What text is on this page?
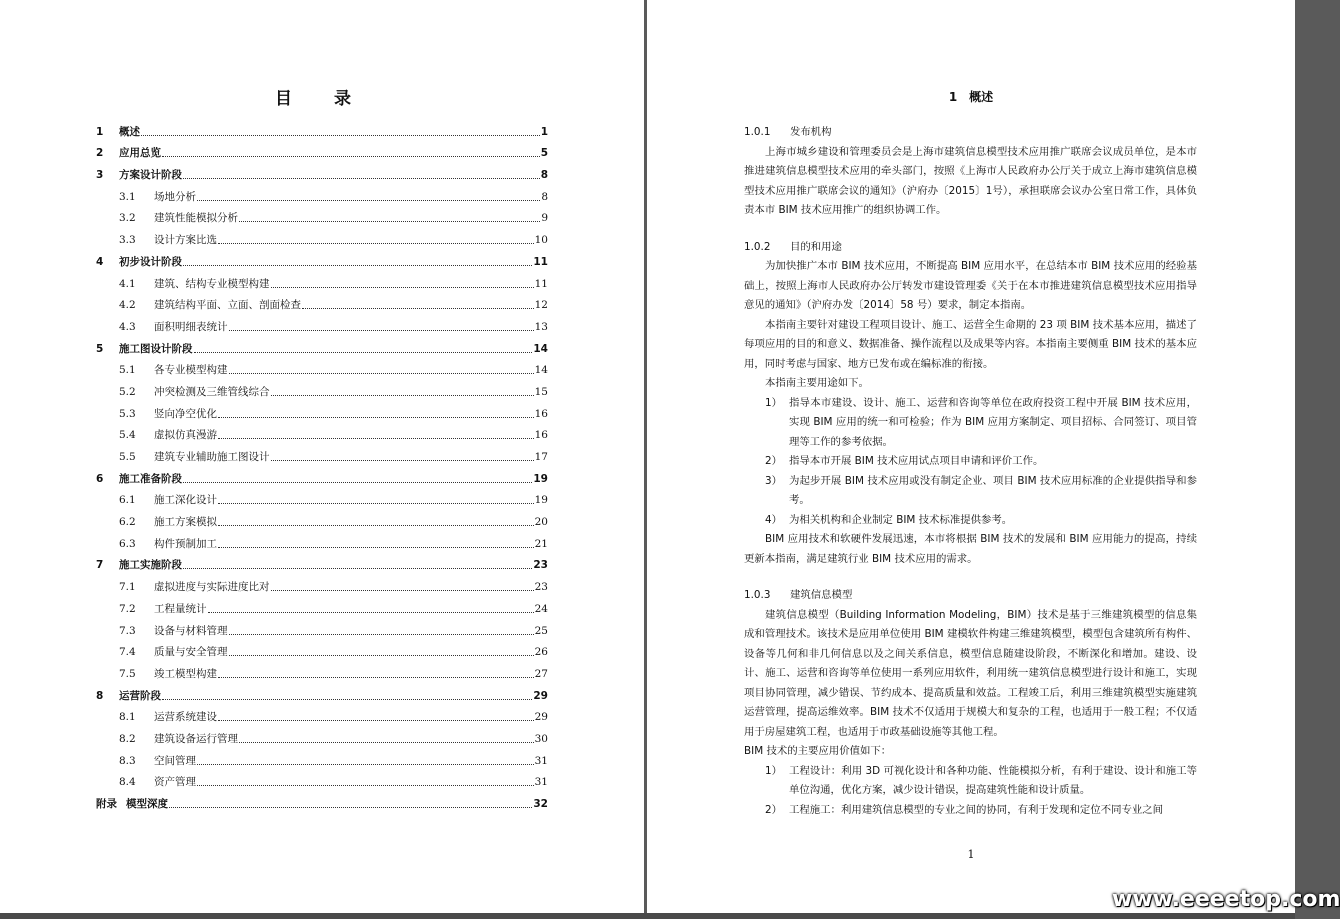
目 录
1	概述	1
2	应用总览	5
3	方案设计阶段	8
3.1	场地分析	8
3.2	建筑性能模拟分析	9
3.3	设计方案比选	10
4	初步设计阶段	11
4.1	建筑、结构专业模型构建	11
4.2	建筑结构平面、立面、剖面检查	12
4.3	面积明细表统计	13
5	施工图设计阶段	14
5.1	各专业模型构建	14
5.2	冲突检测及三维管线综合	15
5.3	竖向净空优化	16
5.4	虚拟仿真漫游	16
5.5	建筑专业辅助施工图设计	17
6	施工准备阶段	19
6.1	施工深化设计	19
6.2	施工方案模拟	20
6.3	构件预制加工	21
7	施工实施阶段	23
7.1	虚拟进度与实际进度比对	23
7.2	工程量统计	24
7.3	设备与材料管理	25
7.4	质量与安全管理	26
7.5	竣工模型构建	27
8	运营阶段	29
8.1	运营系统建设	29
8.2	建筑设备运行管理	30
8.3	空间管理	31
8.4	资产管理	31
附录 模型深度	32
1　概述
1.0.1 发布机构

上海市城乡建设和管理委员会是上海市建筑信息模型技术应用推广联席会议成员单位，是本市推进建筑信息模型技术应用的牵头部门，按照《上海市人民政府办公厅关于成立上海市建筑信息模型技术应用推广联席会议的通知》（沪府办〔2015〕1号），承担联席会议办公室日常工作，具体负责本市 BIM 技术应用推广的组织协调工作。

1.0.2 目的和用途

为加快推广本市 BIM 技术应用，不断提高 BIM 应用水平，在总结本市 BIM 技术应用的经验基础上，按照上海市人民政府办公厅转发市建设管理委《关于在本市推进建筑信息模型技术应用指导意见的通知》（沪府办发〔2014〕58 号）要求，制定本指南。

本指南主要针对建设工程项目设计、施工、运营全生命期的 23 项 BIM 技术基本应用，描述了每项应用的目的和意义、数据准备、操作流程以及成果等内容。本指南主要侧重 BIM 技术的基本应用，同时考虑与国家、地方已发布或在编标准的衔接。

本指南主要用途如下。

1） 指导本市建设、设计、施工、运营和咨询等单位在政府投资工程中开展 BIM 技术应用，实现 BIM 应用的统一和可检验；作为 BIM 应用方案制定、项目招标、合同签订、项目管理等工作的参考依据。
2） 指导本市开展 BIM 技术应用试点项目申请和评价工作。
3） 为起步开展 BIM 技术应用或没有制定企业、项目 BIM 技术应用标准的企业提供指导和参考。
4） 为相关机构和企业制定 BIM 技术标准提供参考。

BIM 应用技术和软硬件发展迅速，本市将根据 BIM 技术的发展和 BIM 应用能力的提高，持续更新本指南，满足建筑行业 BIM 技术应用的需求。

1.0.3 建筑信息模型

建筑信息模型（Building Information Modeling，BIM）技术是基于三维建筑模型的信息集成和管理技术。该技术是应用单位使用 BIM 建模软件构建三维建筑模型，模型包含建筑所有构件、设备等几何和非几何信息以及之间关系信息，模型信息随建设阶段，不断深化和增加。建设、设计、施工、运营和咨询等单位使用一系列应用软件，利用统一建筑信息模型进行设计和施工，实现项目协同管理，减少错误、节约成本、提高质量和效益。工程竣工后，利用三维建筑模型实施建筑运营管理，提高运维效率。BIM 技术不仅适用于规模大和复杂的工程，也适用于一般工程；不仅适用于房屋建筑工程，也适用于市政基础设施等其他工程。

BIM 技术的主要应用价值如下：

1） 工程设计：利用 3D 可视化设计和各种功能、性能模拟分析，有利于建设、设计和施工等单位沟通，优化方案，减少设计错误，提高建筑性能和设计质量。
2） 工程施工：利用建筑信息模型的专业之间的协同，有利于发现和定位不同专业之间
1
www.eeeetop.com
